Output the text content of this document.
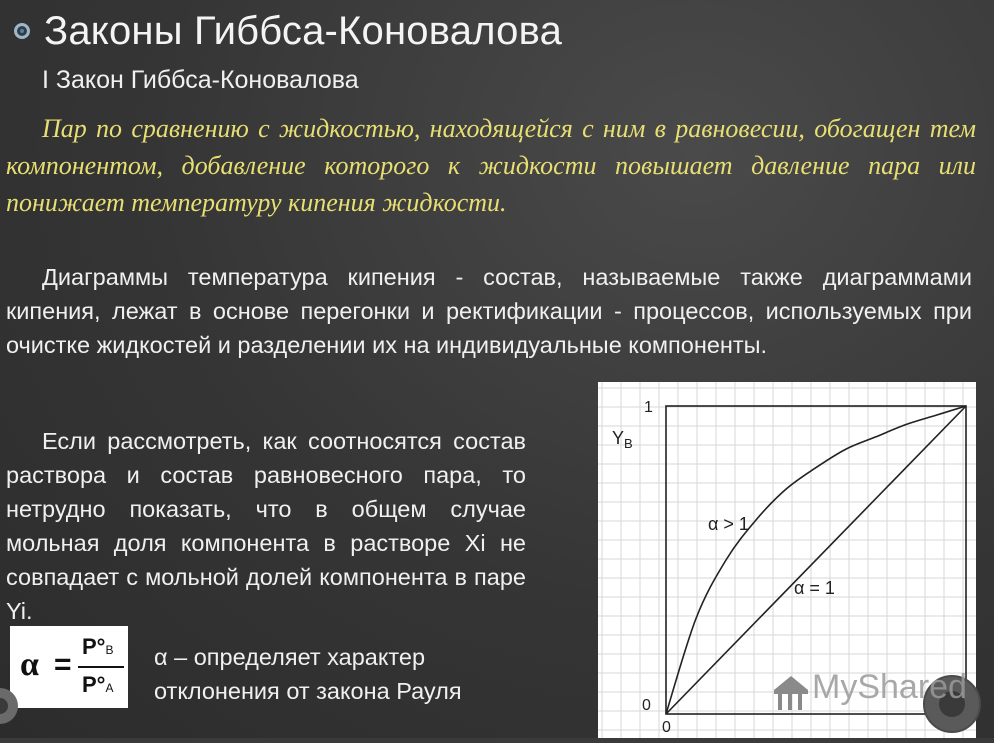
Законы Гиббса-Коновалова
I Закон Гиббса-Коновалова
Пар по сравнению с жидкостью, находящейся с ним в равновесии, обогащен тем компонентом, добавление которого к жидкости повышает давление пара или понижает температуру кипения жидкости.
Диаграммы температура кипения - состав, называемые также диаграммами кипения, лежат в основе перегонки и ректификации - процессов, используемых при очистке жидкостей и разделении их на индивидуальные компоненты.
Если рассмотреть, как соотносятся состав раствора и состав равновесного пара, то нетрудно показать, что в общем случае мольная доля компонента в растворе Xi не совпадает с мольной долей компонента в паре Yi.
α =
P°B
P°A
α – определяет характер отклонения от закона Рауля
$Y_B$
1
0
0
α > 1
α = 1
MyShared
